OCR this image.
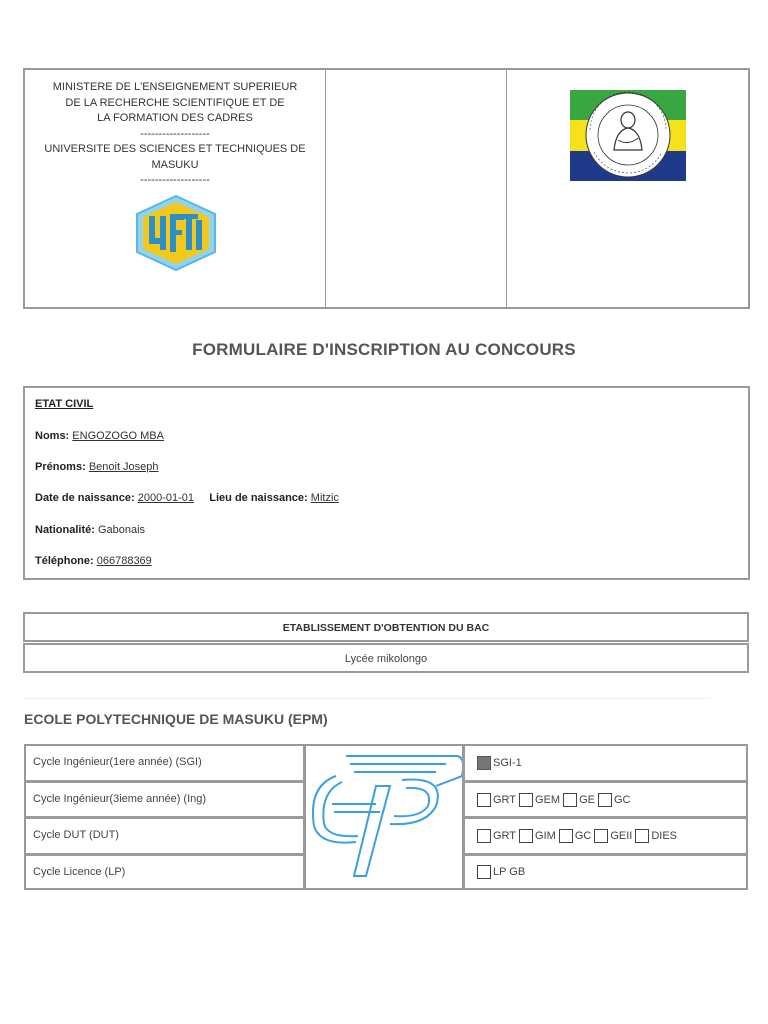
MINISTERE DE L'ENSEIGNEMENT SUPERIEUR

DE LA RECHERCHE SCIENTIFIQUE ET DE

LA FORMATION DES CADRES

-------------------

UNIVERSITE DES SCIENCES ET TECHNIQUES DE

MASUKU

-------------------

FORMULAIRE D'INSCRIPTION AU CONCOURS
ETAT CIVIL
Noms: ENGOZOGO MBA
Prénoms: Benoit Joseph
Date de naissance: 2000-01-01 Lieu de naissance: Mitzic
Nationalité: Gabonais
Téléphone: 066788369
ETABLISSEMENT D'OBTENTION DU BAC
Lycée mikolongo
ECOLE POLYTECHNIQUE DE MASUKU (EPM)
Cycle Ingénieur(1ere année) (SGI)
Cycle Ingénieur(3ieme année) (Ing)
Cycle DUT (DUT)
Cycle Licence (LP)
SGI-1
GRT GEM GE GC
GRT GIM GC GEII DIES
LP GB
